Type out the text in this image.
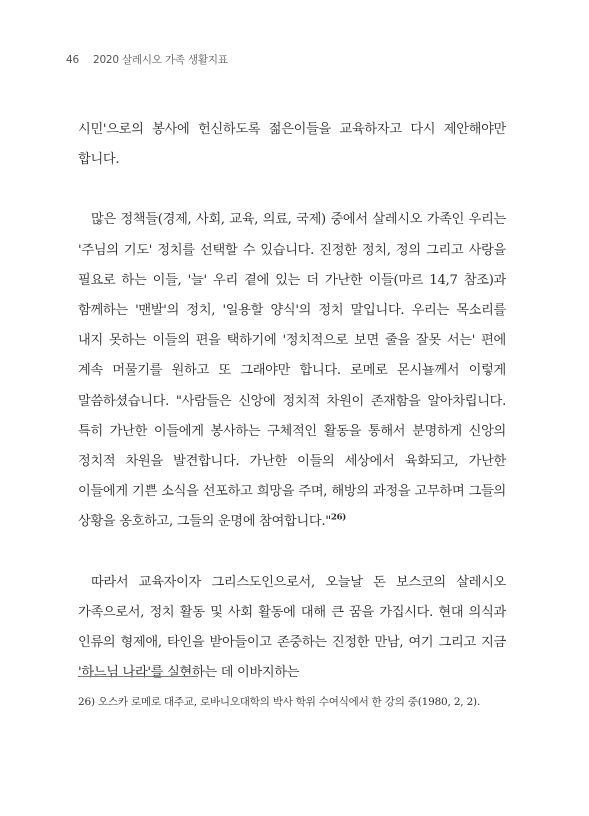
46 2020 살레시오 가족 생활지표

시민'으로의 봉사에 헌신하도록 젊은이들을 교육하자고 다시 제안해야만 합니다.

많은 정책들(경제, 사회, 교육, 의료, 국제) 중에서 살레시오 가족인 우리는 '주님의 기도' 정치를 선택할 수 있습니다. 진정한 정치, 정의 그리고 사랑을 필요로 하는 이들, '늘' 우리 곁에 있는 더 가난한 이들(마르 14,7 참조)과 함께하는 '맨발'의 정치, '일용할 양식'의 정치 말입니다. 우리는 목소리를 내지 못하는 이들의 편을 택하기에 '정치적으로 보면 줄을 잘못 서는' 편에 계속 머물기를 원하고 또 그래야만 합니다. 로메로 몬시뇰께서 이렇게 말씀하셨습니다. "사람들은 신앙에 정치적 차원이 존재함을 알아차립니다. 특히 가난한 이들에게 봉사하는 구체적인 활동을 통해서 분명하게 신앙의 정치적 차원을 발견합니다. 가난한 이들의 세상에서 육화되고, 가난한 이들에게 기쁜 소식을 선포하고 희망을 주며, 해방의 과정을 고무하며 그들의 상황을 옹호하고, 그들의 운명에 참여합니다."$^{26)}$

따라서 교육자이자 그리스도인으로서, 오늘날 돈 보스코의 살레시오 가족으로서, 정치 활동 및 사회 활동에 대해 큰 꿈을 가집시다. 현대 의식과 인류의 형제애, 타인을 받아들이고 존중하는 진정한 만남, 여기 그리고 지금 '하느님 나라'를 실현하는 데 이바지하는

26) 오스카 로메로 대주교, 로바니오대학의 박사 학위 수여식에서 한 강의 중(1980, 2, 2).
